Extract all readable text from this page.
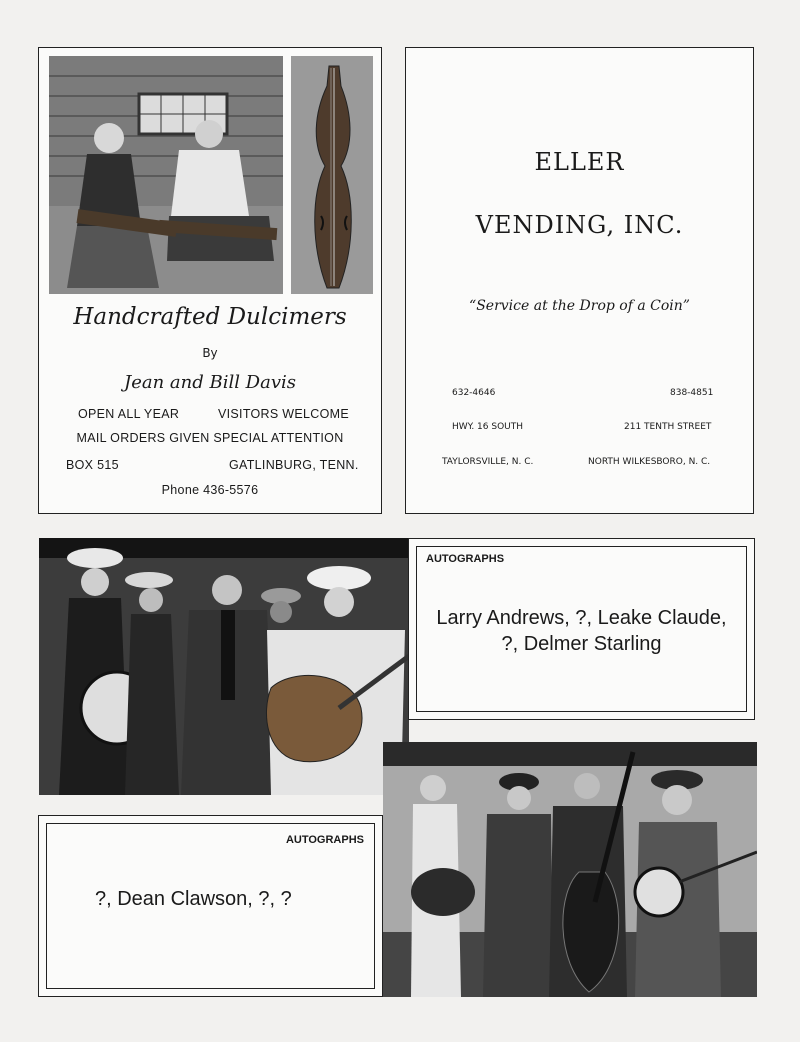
Handcrafted Dulcimers
By
Jean and Bill Davis
OPEN ALL YEAR	VISITORS WELCOME
MAIL ORDERS GIVEN SPECIAL ATTENTION
BOX 515	GATLINBURG, TENN.
Phone 436-5576
ELLER
VENDING, INC.
“Service at the Drop of a Coin”
632-4646	838-4851
HWY. 16 SOUTH	211 TENTH STREET
TAYLORSVILLE, N. C.	NORTH WILKESBORO, N. C.
AUTOGRAPHS
Larry Andrews, ?, Leake Claude,
?, Delmer Starling
AUTOGRAPHS
?, Dean Clawson, ?, ?
